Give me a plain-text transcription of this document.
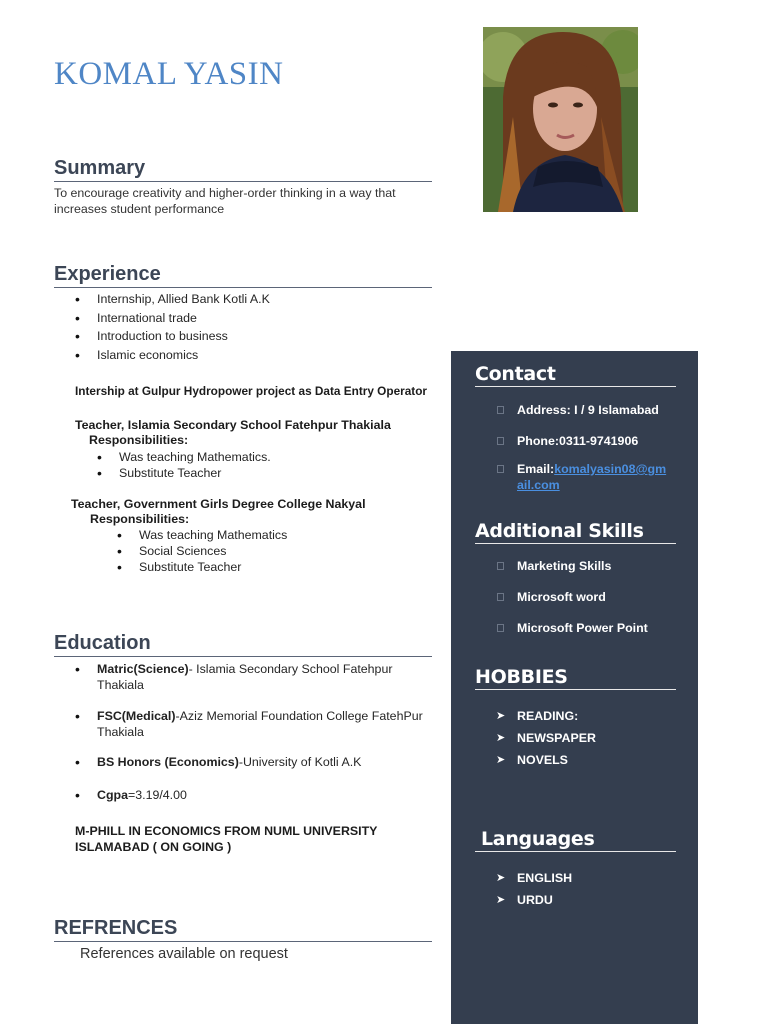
KOMAL YASIN
Summary

To encourage creativity and higher-order thinking in a way that increases student performance

Experience
• Internship, Allied Bank Kotli A.K
• International trade
• Introduction to business
• Islamic economics

Intership at Gulpur Hydropower project as Data Entry Operator

Teacher, Islamia Secondary School Fatehpur Thakiala

Responsibilities:

• Was teaching Mathematics.
• Substitute Teacher

Teacher, Government Girls Degree College Nakyal

Responsibilities:

• Was teaching Mathematics
• Social Sciences
• Substitute Teacher
Education
• Matric(Science)- Islamia Secondary School Fatehpur Thakiala
• FSC(Medical)-Aziz Memorial Foundation College FatehPur Thakiala
• BS Honors (Economics)-University of Kotli A.K
• Cgpa=3.19/4.00

M-PHILL IN ECONOMICS FROM NUML UNIVERSITY

ISLAMABAD ( ON GOING )

REFRENCES

References available on request

Contact
Address: I / 9 Islamabad
Phone:0311-9741906
Email:komalyasin08@gm
ail.com
Additional Skills
Marketing Skills
Microsoft word
Microsoft Power Point
HOBBIES
➤ READING:
➤ NEWSPAPER
➤ NOVELS
Languages
➤ ENGLISH
➤ URDU
